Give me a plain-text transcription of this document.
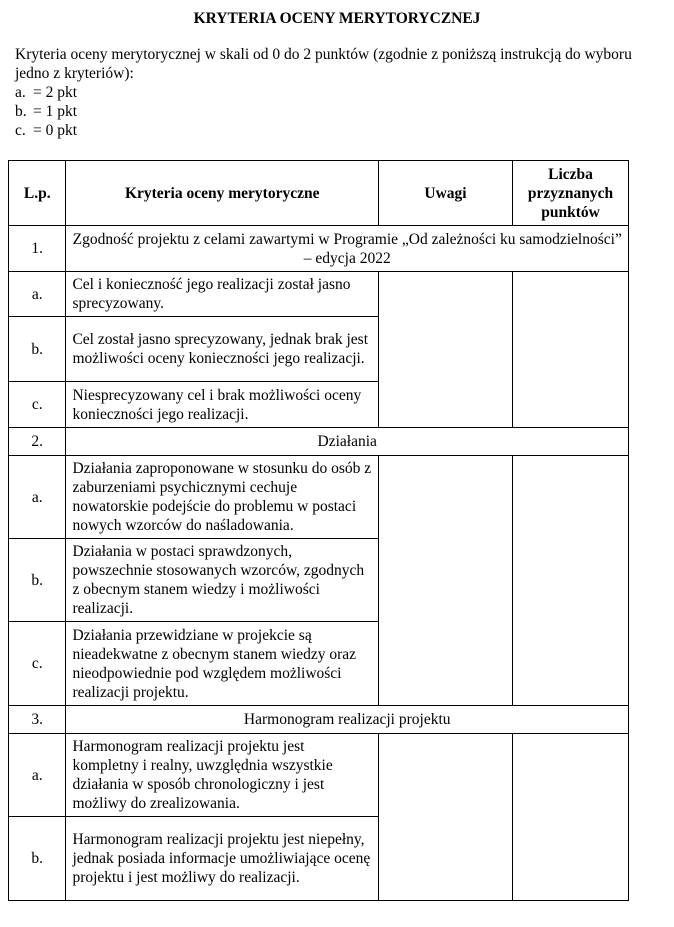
KRYTERIA OCENY MERYTORYCZNEJ

Kryteria oceny merytorycznej w skali od 0 do 2 punktów (zgodnie z poniższą instrukcją do wyboru jedno z kryteriów):

a. = 2 pkt
b. = 1 pkt
c. = 0 pkt
L.p.	Kryteria oceny merytoryczne	Uwagi	Liczba przyznanych punktów
1.	Zgodność projektu z celami zawartymi w Programie „Od zależności ku samodzielności” – edycja 2022		
a.	Cel i konieczność jego realizacji został jasno sprecyzowany.		
b.	Cel został jasno sprecyzowany, jednak brak jest możliwości oceny konieczności jego realizacji.		
c.	Niesprecyzowany cel i brak możliwości oceny konieczności jego realizacji.		
2.	Działania		
a.	Działania zaproponowane w stosunku do osób z zaburzeniami psychicznymi cechuje nowatorskie podejście do problemu w postaci nowych wzorców do naśladowania.		
b.	Działania w postaci sprawdzonych, powszechnie stosowanych wzorców, zgodnych z obecnym stanem wiedzy i możliwości realizacji.		
c.	Działania przewidziane w projekcie są nieadekwatne z obecnym stanem wiedzy oraz nieodpowiednie pod względem możliwości realizacji projektu.		
3.	Harmonogram realizacji projektu		
a.	Harmonogram realizacji projektu jest kompletny i realny, uwzględnia wszystkie działania w sposób chronologiczny i jest możliwy do zrealizowania.		
b.	Harmonogram realizacji projektu jest niepełny, jednak posiada informacje umożliwiające ocenę projektu i jest możliwy do realizacji.		
